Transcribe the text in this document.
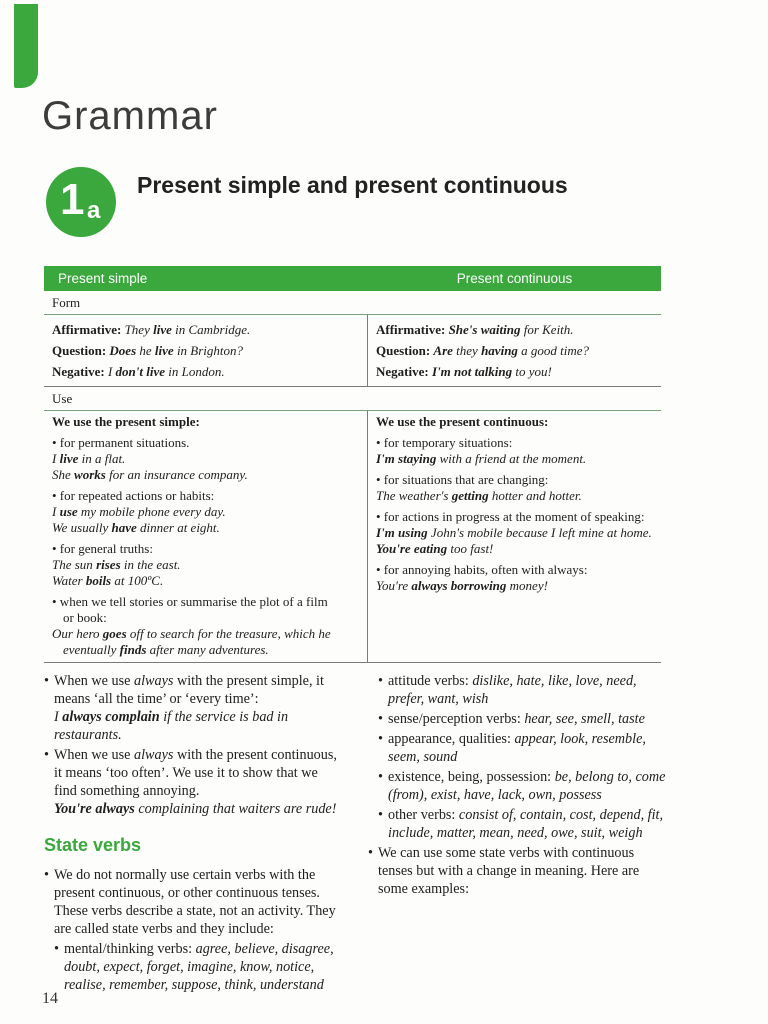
Grammar
1 a
Present simple and present continuous
Present simple	Present continuous
Form
Affirmative: They live in Cambridge.
Question: Does he live in Brighton?
Negative: I don't live in London.
Affirmative: She's waiting for Keith.
Question: Are they having a good time?
Negative: I'm not talking to you!
Use
We use the present simple:
• for permanent situations.
I live in a flat.
She works for an insurance company.
• for repeated actions or habits:
I use my mobile phone every day.
We usually have dinner at eight.
• for general truths:
The sun rises in the east.
Water boils at 100ºC.
• when we tell stories or summarise the plot of a film
or book:
Our hero goes off to search for the treasure, which he
eventually finds after many adventures.
We use the present continuous:
• for temporary situations:
I'm staying with a friend at the moment.
• for situations that are changing:
The weather's getting hotter and hotter.
• for actions in progress at the moment of speaking:
I'm using John's mobile because I left mine at home.
You're eating too fast!
• for annoying habits, often with always:
You're always borrowing money!
• When we use always with the present simple, it means ‘all the time’ or ‘every time’:
I always complain if the service is bad in restaurants.
• When we use always with the present continuous, it means ‘too often’. We use it to show that we find something annoying.
You're always complaining that waiters are rude!
State verbs
• We do not normally use certain verbs with the present continuous, or other continuous tenses. These verbs describe a state, not an activity. They are called state verbs and they include:
• mental/thinking verbs: agree, believe, disagree, doubt, expect, forget, imagine, know, notice, realise, remember, suppose, think, understand
• attitude verbs: dislike, hate, like, love, need, prefer, want, wish
• sense/perception verbs: hear, see, smell, taste
• appearance, qualities: appear, look, resemble, seem, sound
• existence, being, possession: be, belong to, come (from), exist, have, lack, own, possess
• other verbs: consist of, contain, cost, depend, fit, include, matter, mean, need, owe, suit, weigh
• We can use some state verbs with continuous tenses but with a change in meaning. Here are some examples:
14
